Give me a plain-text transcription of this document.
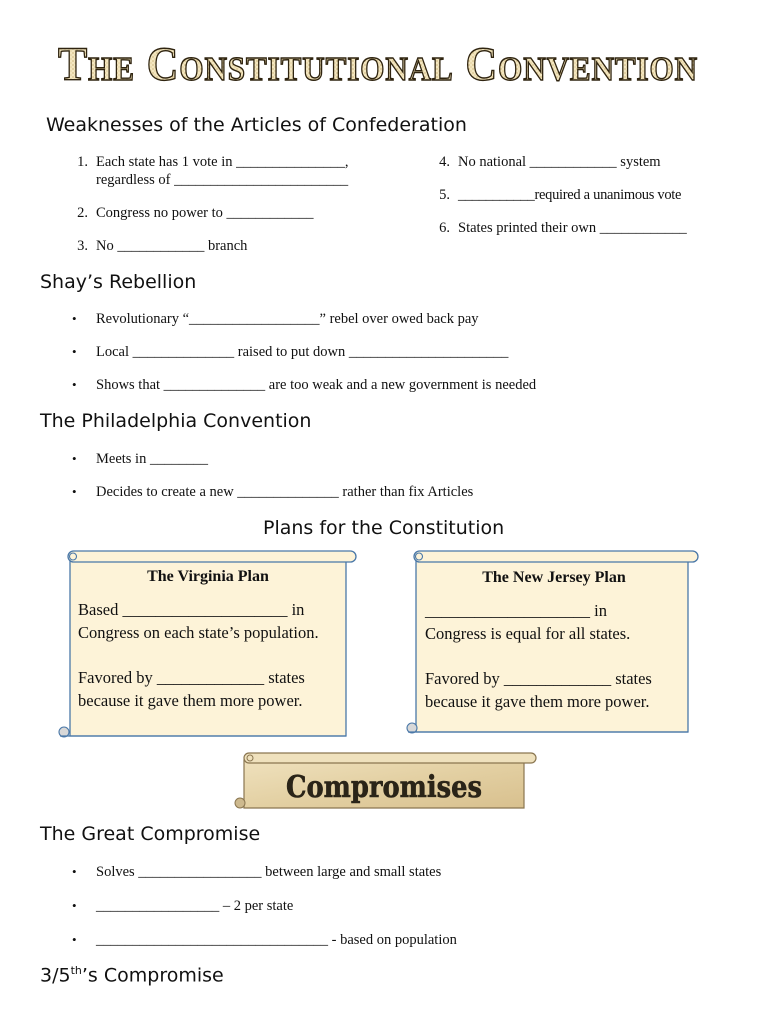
The Constitutional Convention
Weaknesses of the Articles of Confederation
1. Each state has 1 vote in _______________,
regardless of ________________________
2. Congress no power to ____________
3. No ____________ branch
4. No national ____________ system
5. ___________required a unanimous vote
6. States printed their own ____________
Shay’s Rebellion
•	Revolutionary “__________________” rebel over owed back pay
•	Local ______________ raised to put down ______________________
•	Shows that ______________ are too weak and a new government is needed
The Philadelphia Convention
•	Meets in ________
•	Decides to create a new ______________ rather than fix Articles
Plans for the Constitution
The Virginia Plan
Based ____________________ in
Congress on each state’s population.
Favored by _____________ states
because it gave them more power.
The New Jersey Plan
____________________ in
Congress is equal for all states.
Favored by _____________ states
because it gave them more power.
Compromises
The Great Compromise
•	Solves _________________ between large and small states
•	_________________ – 2 per state
•	________________________________ - based on population
3/5th’s Compromise
